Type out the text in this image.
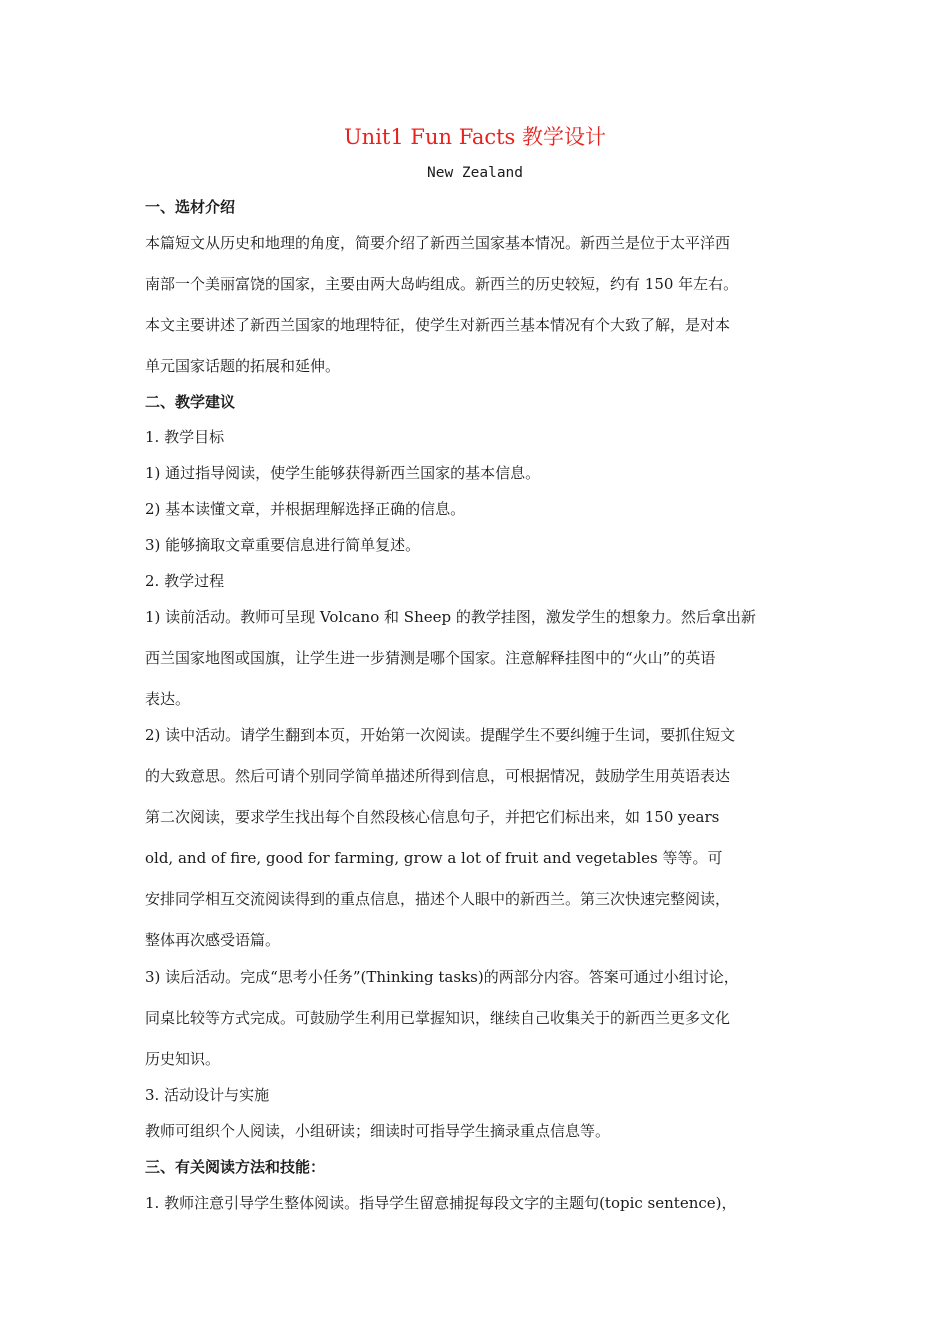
Unit1 Fun Facts 教学设计
New Zealand
一、选材介绍
本篇短文从历史和地理的角度，简要介绍了新西兰国家基本情况。新西兰是位于太平洋西
南部一个美丽富饶的国家，主要由两大岛屿组成。新西兰的历史较短，约有 150 年左右。
本文主要讲述了新西兰国家的地理特征，使学生对新西兰基本情况有个大致了解，是对本
单元国家话题的拓展和延伸。
二、教学建议
1. 教学目标
1) 通过指导阅读，使学生能够获得新西兰国家的基本信息。
2) 基本读懂文章，并根据理解选择正确的信息。
3) 能够摘取文章重要信息进行简单复述。
2. 教学过程
1) 读前活动。教师可呈现 Volcano 和 Sheep 的教学挂图，激发学生的想象力。然后拿出新
西兰国家地图或国旗，让学生进一步猜测是哪个国家。注意解释挂图中的“火山”的英语
表达。
2) 读中活动。请学生翻到本页，开始第一次阅读。提醒学生不要纠缠于生词，要抓住短文
的大致意思。然后可请个别同学简单描述所得到信息，可根据情况，鼓励学生用英语表达
第二次阅读，要求学生找出每个自然段核心信息句子，并把它们标出来，如 150 years
old, and of fire, good for farming, grow a lot of fruit and vegetables 等等。可
安排同学相互交流阅读得到的重点信息，描述个人眼中的新西兰。第三次快速完整阅读，
整体再次感受语篇。
3) 读后活动。完成“思考小任务”(Thinking tasks)的两部分内容。答案可通过小组讨论，
同桌比较等方式完成。可鼓励学生利用已掌握知识，继续自己收集关于的新西兰更多文化
历史知识。
3. 活动设计与实施
教师可组织个人阅读，小组研读；细读时可指导学生摘录重点信息等。
三、有关阅读方法和技能：
1. 教师注意引导学生整体阅读。指导学生留意捕捉每段文字的主题句(topic sentence)，
